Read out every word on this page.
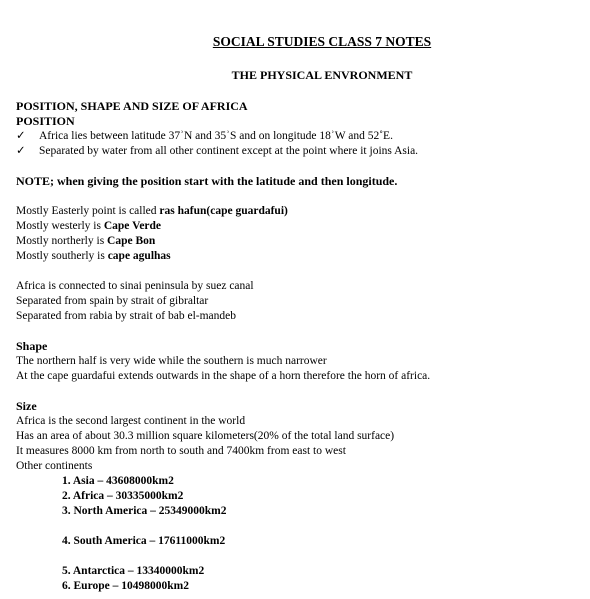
SOCIAL STUDIES CLASS 7 NOTES
THE PHYSICAL ENVRONMENT
POSITION, SHAPE AND SIZE OF AFRICA
POSITION
✓	Africa lies between latitude 37ʾN and 35ʾS and on longitude 18ʾW and 52˚E.
✓	Separated by water from all other continent except at the point where it joins Asia.
NOTE; when giving the position start with the latitude and then longitude.
Mostly Easterly point is called ras hafun(cape guardafui)
Mostly westerly is Cape Verde
Mostly northerly is Cape Bon
Mostly southerly is cape agulhas
Africa is connected to sinai peninsula by suez canal
Separated from spain by strait of gibraltar
Separated from rabia by strait of bab el-mandeb
Shape
The northern half is very wide while the southern is much narrower
At the cape guardafui extends outwards in the shape of a horn therefore the horn of africa.
Size
Africa is the second largest continent in the world
Has an area of about 30.3 million square kilometers(20% of the total land surface)
It measures 8000 km from north to south and 7400km from east to west
Other continents
1. Asia – 43608000km2
2. Africa – 30335000km2
3. North America – 25349000km2
4. South America – 17611000km2
5. Antarctica – 13340000km2
6. Europe – 10498000km2
